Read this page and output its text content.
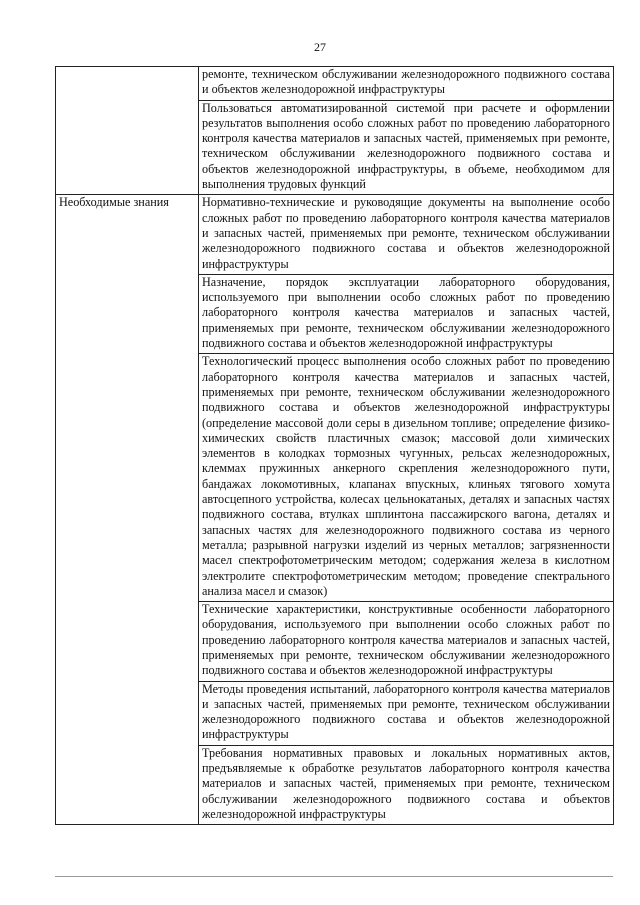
27
	ремонте, техническом обслуживании железнодорожного подвижного состава и объектов железнодорожной инфраструктуры
	Пользоваться автоматизированной системой при расчете и оформлении результатов выполнения особо сложных работ по проведению лабораторного контроля качества материалов и запасных частей, применяемых при ремонте, техническом обслуживании железнодорожного подвижного состава и объектов железнодорожной инфраструктуры, в объеме, необходимом для выполнения трудовых функций
Необходимые знания	Нормативно-технические и руководящие документы на выполнение особо сложных работ по проведению лабораторного контроля качества материалов и запасных частей, применяемых при ремонте, техническом обслуживании железнодорожного подвижного состава и объектов железнодорожной инфраструктуры
	Назначение, порядок эксплуатации лабораторного оборудования, используемого при выполнении особо сложных работ по проведению лабораторного контроля качества материалов и запасных частей, применяемых при ремонте, техническом обслуживании железнодорожного подвижного состава и объектов железнодорожной инфраструктуры
	Технологический процесс выполнения особо сложных работ по проведению лабораторного контроля качества материалов и запасных частей, применяемых при ремонте, техническом обслуживании железнодорожного подвижного состава и объектов железнодорожной инфраструктуры (определение массовой доли серы в дизельном топливе; определение физико-химических свойств пластичных смазок; массовой доли химических элементов в колодках тормозных чугунных, рельсах железнодорожных, клеммах пружинных анкерного скрепления железнодорожного пути, бандажах локомотивных, клапанах впускных, клиньях тягового хомута автосцепного устройства, колесах цельнокатаных, деталях и запасных частях подвижного состава, втулках шплинтона пассажирского вагона, деталях и запасных частях для железнодорожного подвижного состава из черного металла; разрывной нагрузки изделий из черных металлов; загрязненности масел спектрофотометрическим методом; содержания железа в кислотном электролите спектрофотометрическим методом; проведение спектрального анализа масел и смазок)
	Технические характеристики, конструктивные особенности лабораторного оборудования, используемого при выполнении особо сложных работ по проведению лабораторного контроля качества материалов и запасных частей, применяемых при ремонте, техническом обслуживании железнодорожного подвижного состава и объектов железнодорожной инфраструктуры
	Методы проведения испытаний, лабораторного контроля качества материалов и запасных частей, применяемых при ремонте, техническом обслуживании железнодорожного подвижного состава и объектов железнодорожной инфраструктуры
	Требования нормативных правовых и локальных нормативных актов, предъявляемые к обработке результатов лабораторного контроля качества материалов и запасных частей, применяемых при ремонте, техническом обслуживании железнодорожного подвижного состава и объектов железнодорожной инфраструктуры
